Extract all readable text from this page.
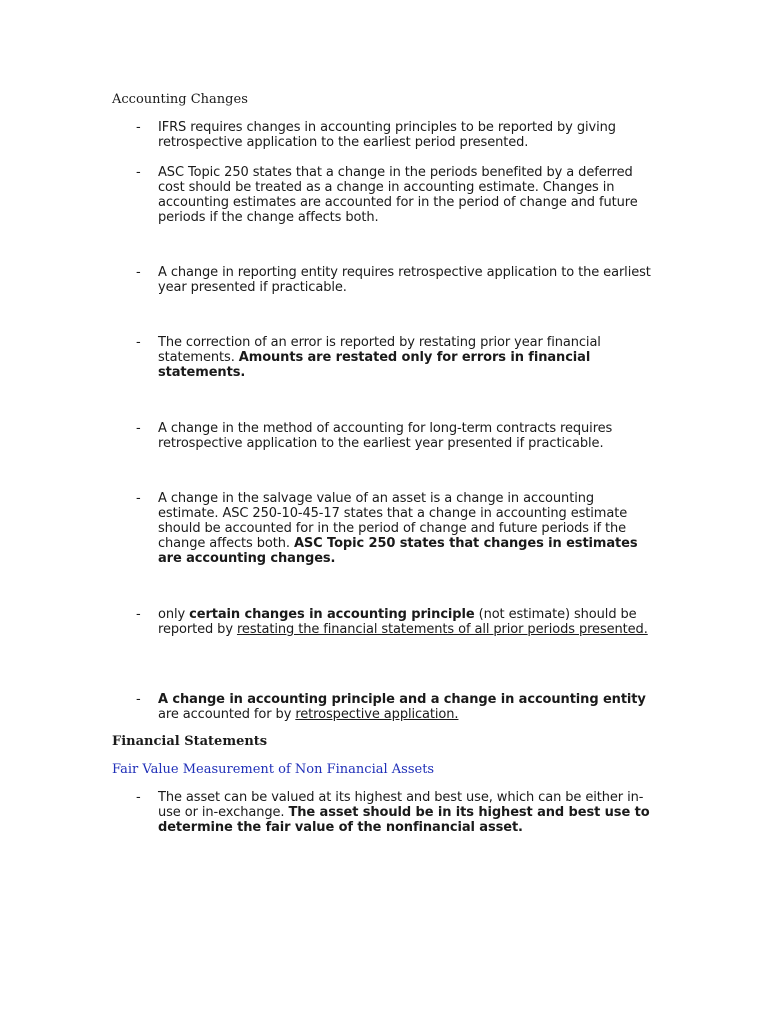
Accounting Changes
- IFRS requires changes in accounting principles to be reported by giving retrospective application to the earliest period presented.
- ASC Topic 250 states that a change in the periods benefited by a deferred cost should be treated as a change in accounting estimate. Changes in accounting estimates are accounted for in the period of change and future periods if the change affects both.
- A change in reporting entity requires retrospective application to the earliest year presented if practicable.
- The correction of an error is reported by restating prior year financial statements. Amounts are restated only for errors in financial statements.
- A change in the method of accounting for long-term contracts requires retrospective application to the earliest year presented if practicable.
- A change in the salvage value of an asset is a change in accounting estimate. ASC 250-10-45-17 states that a change in accounting estimate should be accounted for in the period of change and future periods if the change affects both. ASC Topic 250 states that changes in estimates are accounting changes.
- only certain changes in accounting principle (not estimate) should be reported by restating the financial statements of all prior periods presented.
- A change in accounting principle and a change in accounting entity are accounted for by retrospective application.
Financial Statements
Fair Value Measurement of Non Financial Assets
- The asset can be valued at its highest and best use, which can be either in-use or in-exchange. The asset should be in its highest and best use to determine the fair value of the nonfinancial asset.
